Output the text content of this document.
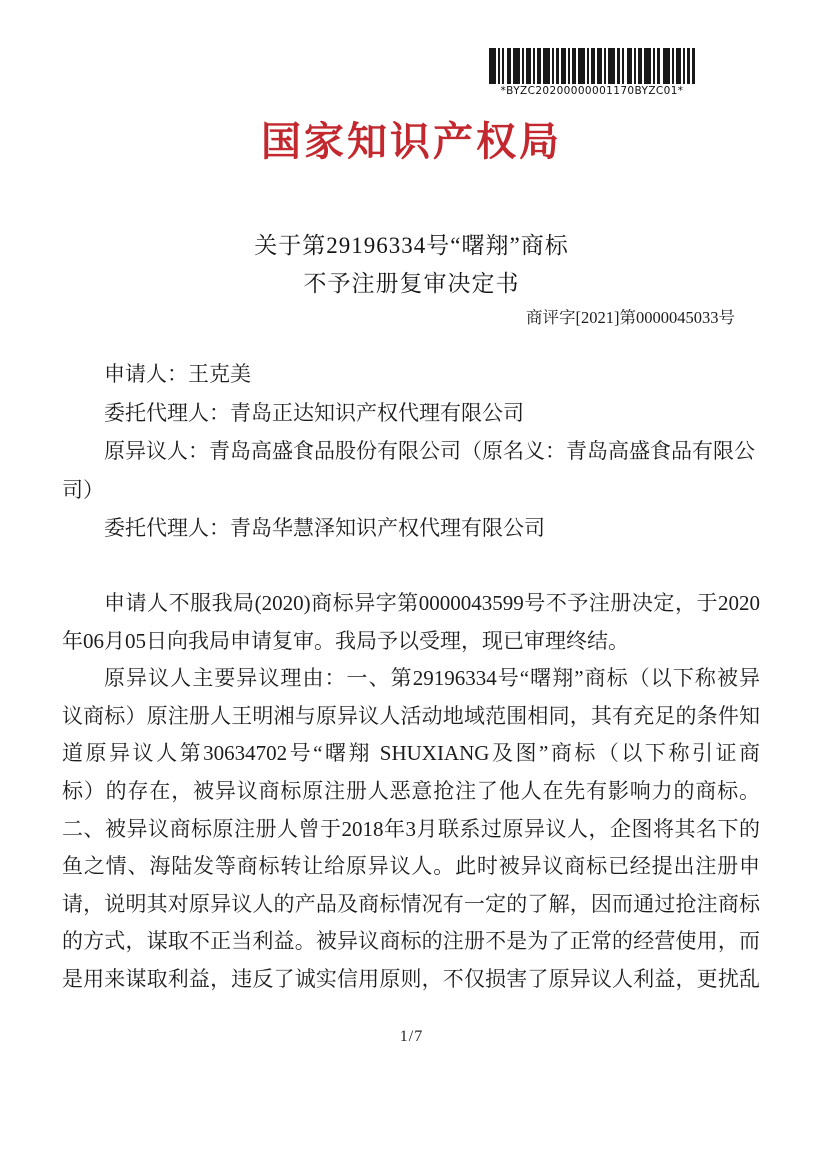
*BYZC20200000001170BYZC01*
国家知识产权局
关于第29196334号“曙翔”商标
不予注册复审决定书
商评字[2021]第0000045033号
申请人：王克美
委托代理人：青岛正达知识产权代理有限公司
原异议人：青岛高盛食品股份有限公司（原名义：青岛高盛食品有限公
司）
委托代理人：青岛华慧泽知识产权代理有限公司
申请人不服我局(2020)商标异字第0000043599号不予注册决定，于2020
年06月05日向我局申请复审。我局予以受理，现已审理终结。
原异议人主要异议理由：一、第29196334号“曙翔”商标（以下称被异
议商标）原注册人王明湘与原异议人活动地域范围相同，其有充足的条件知
道原异议人第30634702号“曙翔 SHUXIANG及图”商标（以下称引证商
标）的存在，被异议商标原注册人恶意抢注了他人在先有影响力的商标。
二、被异议商标原注册人曾于2018年3月联系过原异议人，企图将其名下的
鱼之情、海陆发等商标转让给原异议人。此时被异议商标已经提出注册申
请，说明其对原异议人的产品及商标情况有一定的了解，因而通过抢注商标
的方式，谋取不正当利益。被异议商标的注册不是为了正常的经营使用，而
是用来谋取利益，违反了诚实信用原则，不仅损害了原异议人利益，更扰乱
1/7
